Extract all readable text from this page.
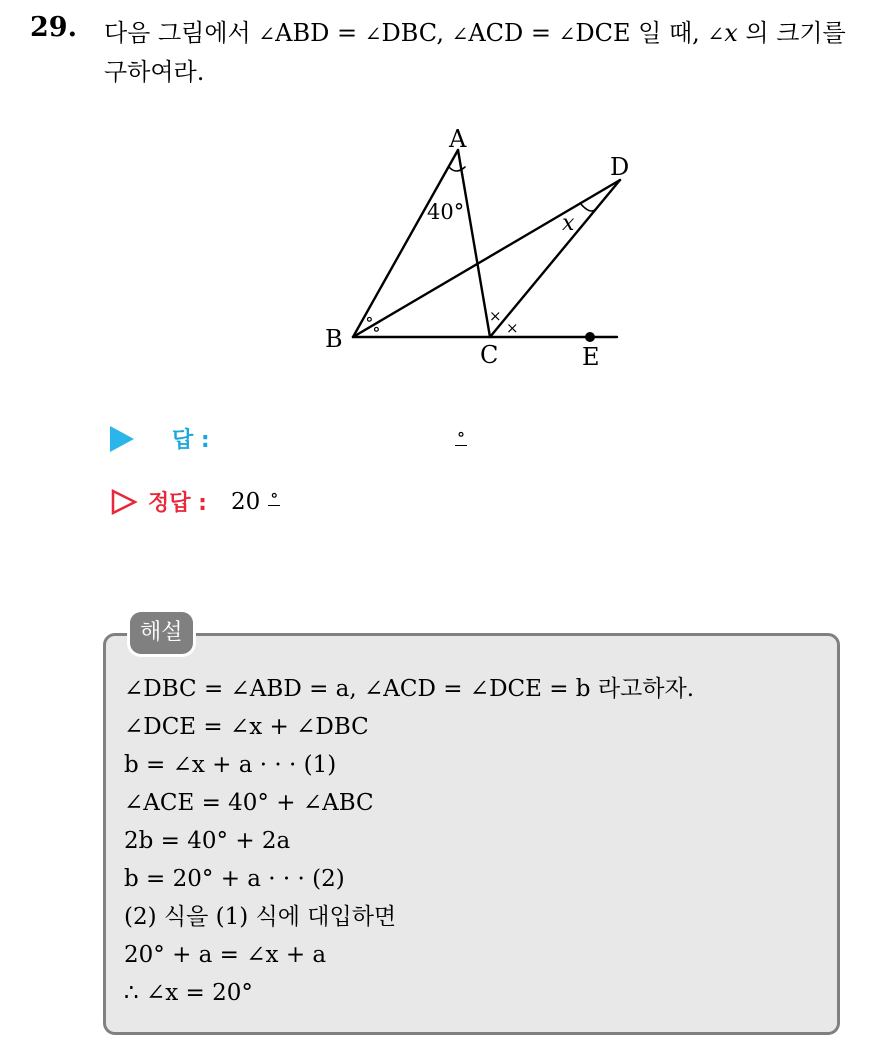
29. 다음 그림에서 ∠ABD = ∠DBC, ∠ACD = ∠DCE 일 때, ∠x 의 크기를
구하여라.
A
B
C
D
E
40°	x
∘
∘
×
×
답 :	∘
정답 : 20 ∘
해설
∠DBC = ∠ABD = a, ∠ACD = ∠DCE = b 라고하자.
∠DCE = ∠x + ∠DBC
b = ∠x + a · · · (1)
∠ACE = 40° + ∠ABC
2b = 40° + 2a
b = 20° + a · · · (2)
(2) 식을 (1) 식에 대입하면
20° + a = ∠x + a
∴ ∠x = 20°
